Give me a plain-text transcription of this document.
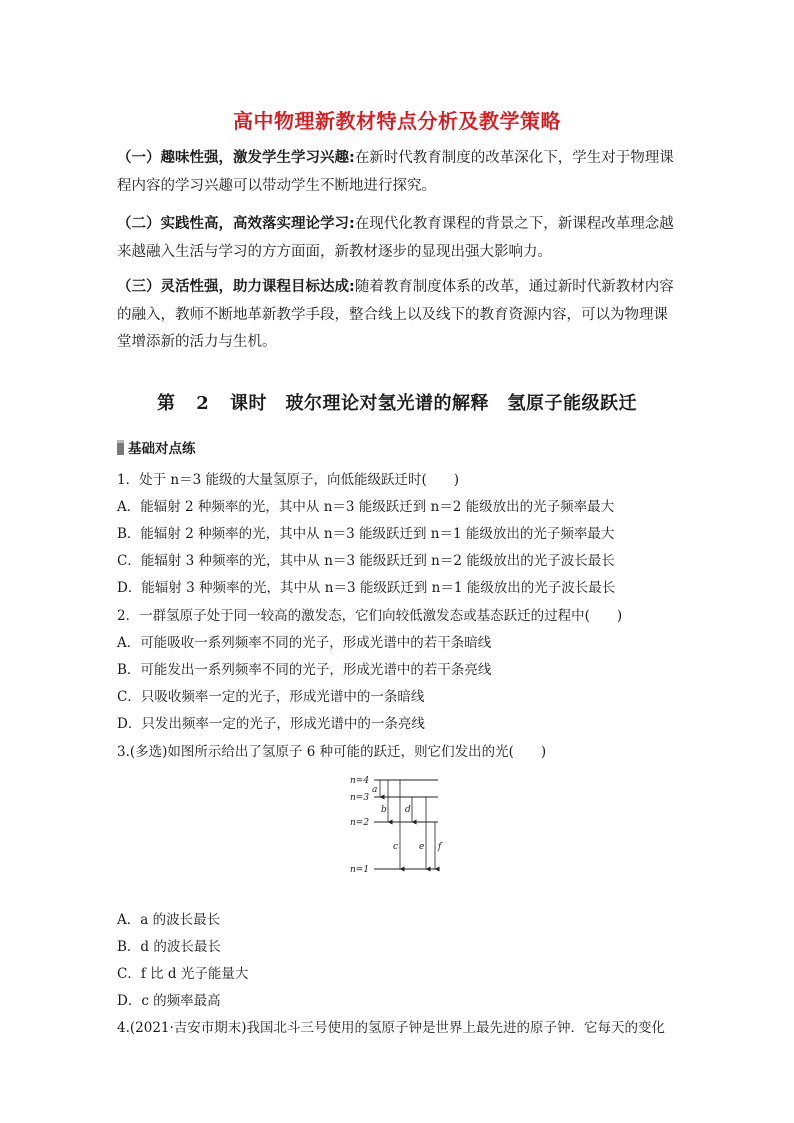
高中物理新教材特点分析及教学策略
（一）趣味性强，激发学生学习兴趣:在新时代教育制度的改革深化下，学生对于物理课程内容的学习兴趣可以带动学生不断地进行探究。
（二）实践性高，高效落实理论学习:在现代化教育课程的背景之下，新课程改革理念越来越融入生活与学习的方方面面，新教材逐步的显现出强大影响力。
（三）灵活性强，助力课程目标达成:随着教育制度体系的改革，通过新时代新教材内容的融入，教师不断地革新教学手段，整合线上以及线下的教育资源内容，可以为物理课堂增添新的活力与生机。
第 2 课时　玻尔理论对氢光谱的解释　氢原子能级跃迁
基础对点练
1．处于 n＝3 能级的大量氢原子，向低能级跃迁时(　　)
A．能辐射 2 种频率的光，其中从 n＝3 能级跃迁到 n＝2 能级放出的光子频率最大
B．能辐射 2 种频率的光，其中从 n＝3 能级跃迁到 n＝1 能级放出的光子频率最大
C．能辐射 3 种频率的光，其中从 n＝3 能级跃迁到 n＝2 能级放出的光子波长最长
D．能辐射 3 种频率的光，其中从 n＝3 能级跃迁到 n＝1 能级放出的光子波长最长
2．一群氢原子处于同一较高的激发态，它们向较低激发态或基态跃迁的过程中(　　)
A．可能吸收一系列频率不同的光子，形成光谱中的若干条暗线
B．可能发出一系列频率不同的光子，形成光谱中的若干条亮线
C．只吸收频率一定的光子，形成光谱中的一条暗线
D．只发出频率一定的光子，形成光谱中的一条亮线
3.(多选)如图所示给出了氢原子 6 种可能的跃迁，则它们发出的光(　　)
n=4
n=3
n=2
n=1
a
b d
c e f
A．a 的波长最长
B．d 的波长最长
C．f 比 d 光子能量大
D．c 的频率最高
4.(2021·吉安市期末)我国北斗三号使用的氢原子钟是世界上最先进的原子钟．它每天的变化
